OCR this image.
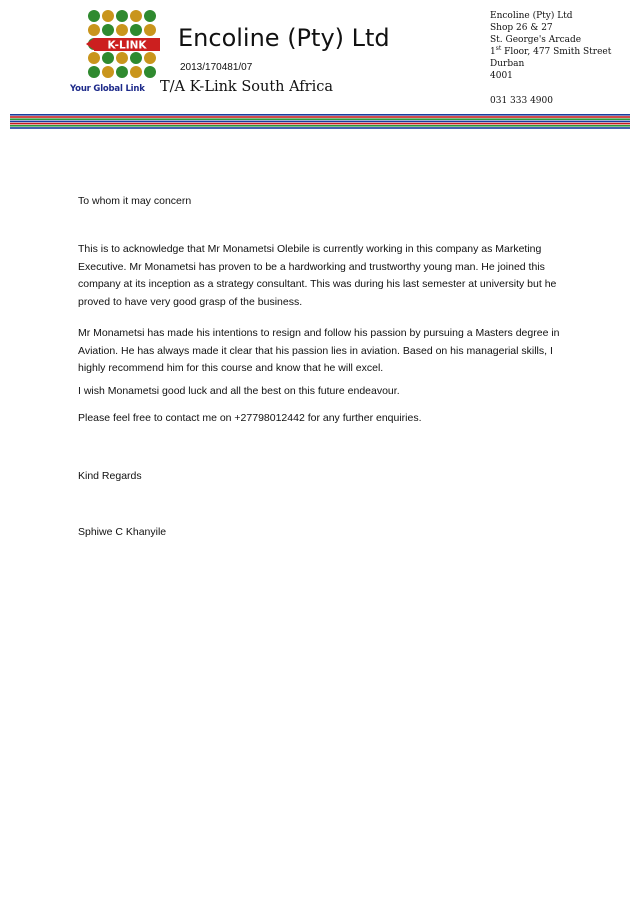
K-LINK
Your Global Link
Encoline (Pty) Ltd
2013/170481/07
T/A K-Link South Africa
Encoline (Pty) Ltd
Shop 26 & 27
St. George's Arcade
1st Floor, 477 Smith Street
Durban
4001
031 333 4900

To whom it may concern

This is to acknowledge that Mr Monametsi Olebile is currently working in this company as Marketing Executive. Mr Monametsi has proven to be a hardworking and trustworthy young man. He joined this company at its inception as a strategy consultant. This was during his last semester at university but he proved to have very good grasp of the business.

Mr Monametsi has made his intentions to resign and follow his passion by pursuing a Masters degree in Aviation. He has always made it clear that his passion lies in aviation. Based on his managerial skills, I highly recommend him for this course and know that he will excel.

I wish Monametsi good luck and all the best on this future endeavour.

Please feel free to contact me on +27798012442 for any further enquiries.

Kind Regards

Sphiwe C Khanyile
